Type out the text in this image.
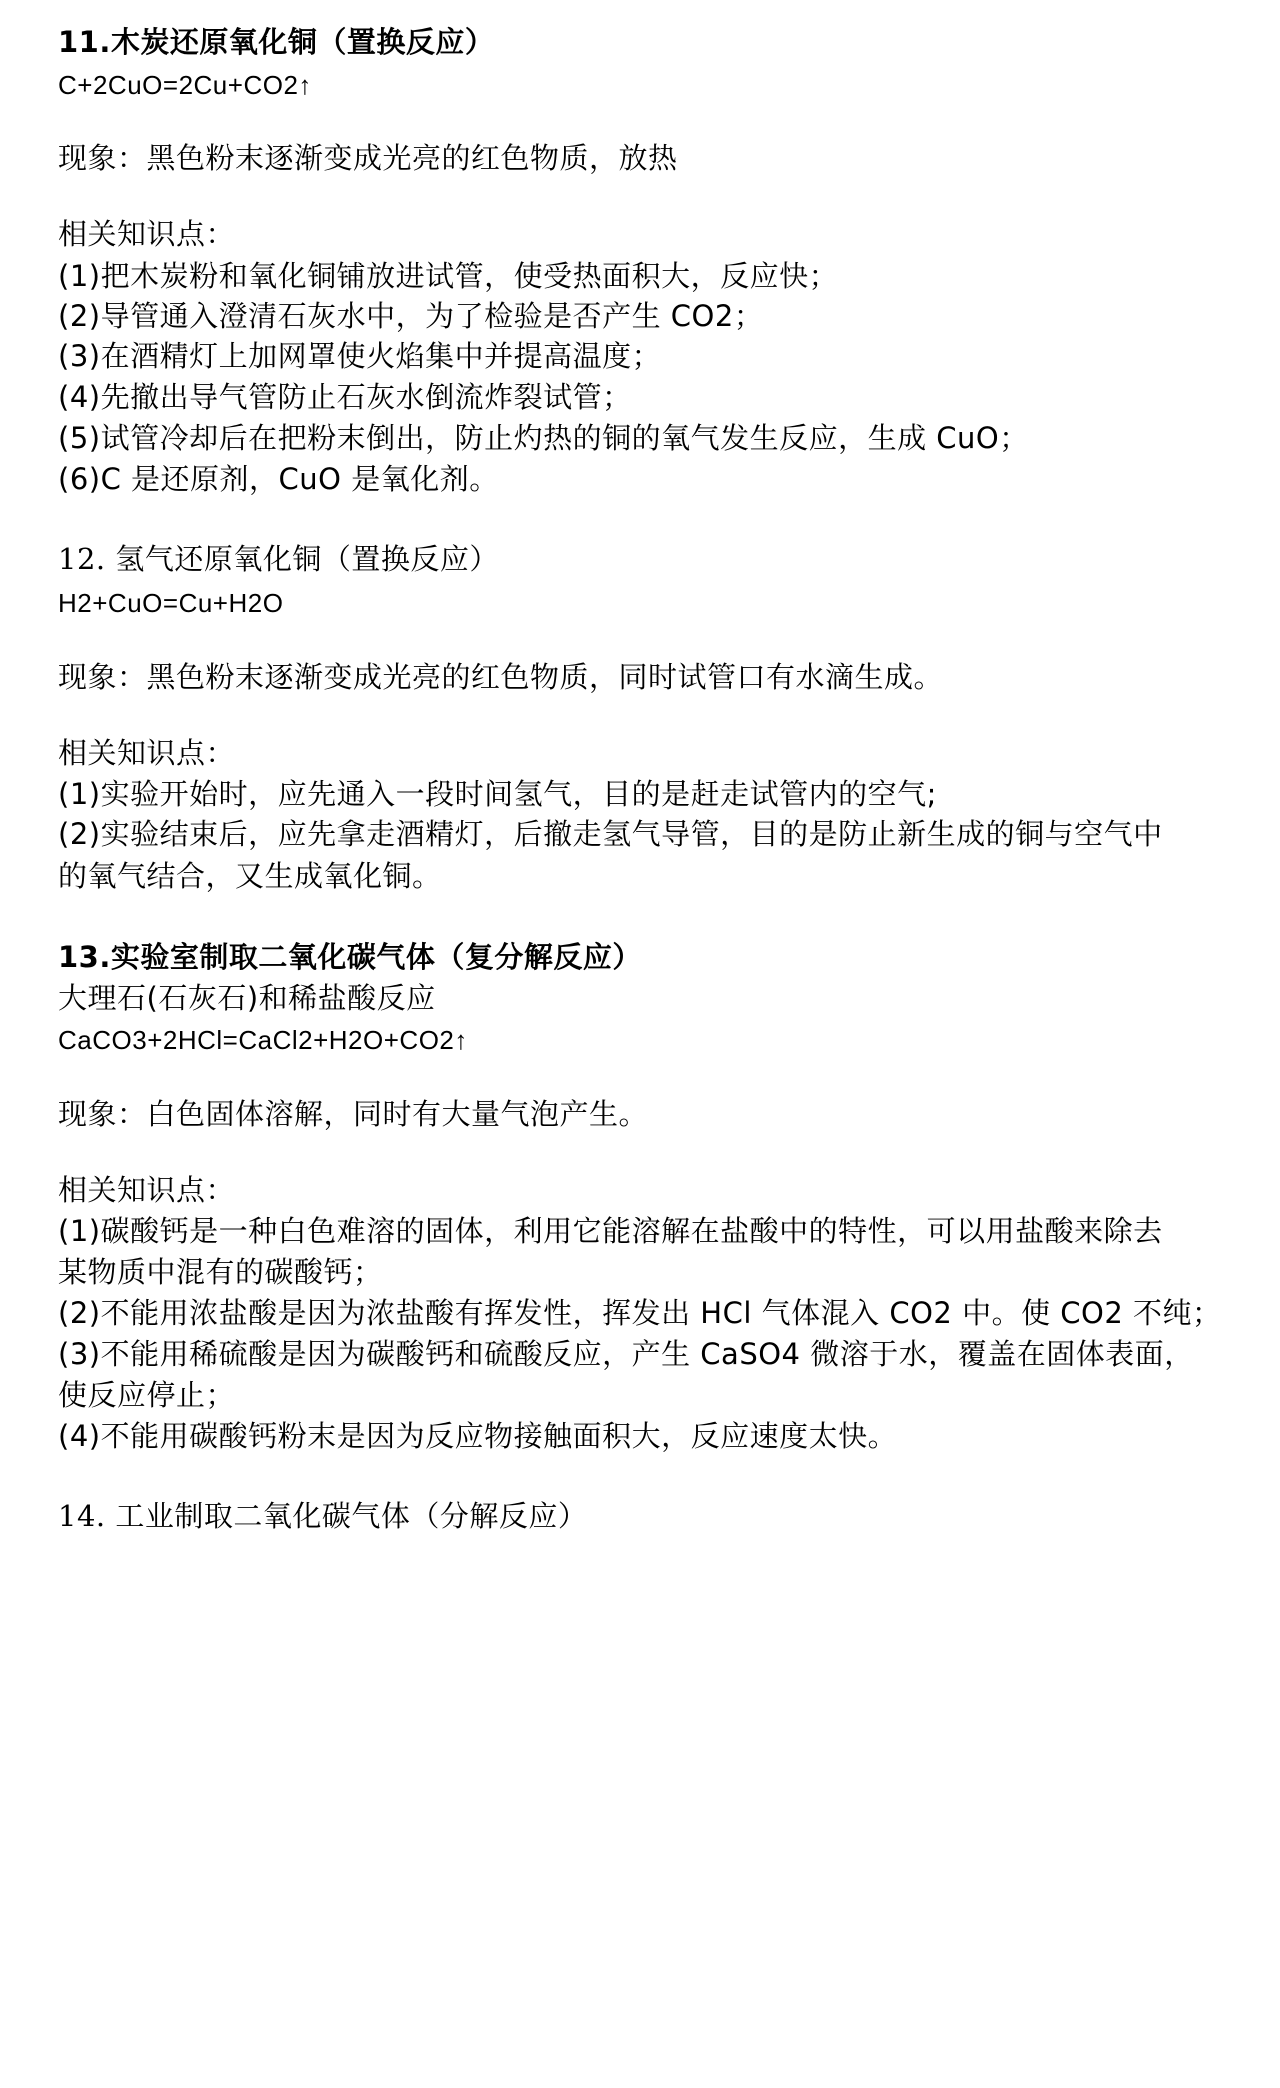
11.木炭还原氧化铜（置换反应）
C+2CuO=2Cu+CO2↑
现象：黑色粉末逐渐变成光亮的红色物质，放热
相关知识点：
(1)把木炭粉和氧化铜铺放进试管，使受热面积大，反应快；
(2)导管通入澄清石灰水中，为了检验是否产生 CO2；
(3)在酒精灯上加网罩使火焰集中并提高温度；
(4)先撤出导气管防止石灰水倒流炸裂试管；
(5)试管冷却后在把粉末倒出，防止灼热的铜的氧气发生反应，生成 CuO；
(6)C 是还原剂，CuO 是氧化剂。
12. 氢气还原氧化铜（置换反应）
H2+CuO=Cu+H2O
现象：黑色粉末逐渐变成光亮的红色物质，同时试管口有水滴生成。
相关知识点：
(1)实验开始时，应先通入一段时间氢气，目的是赶走试管内的空气;
(2)实验结束后，应先拿走酒精灯，后撤走氢气导管，目的是防止新生成的铜与空气中
的氧气结合，又生成氧化铜。
13.实验室制取二氧化碳气体（复分解反应）
大理石(石灰石)和稀盐酸反应
CaCO3+2HCl=CaCl2+H2O+CO2↑
现象：白色固体溶解，同时有大量气泡产生。
相关知识点：
(1)碳酸钙是一种白色难溶的固体，利用它能溶解在盐酸中的特性，可以用盐酸来除去
某物质中混有的碳酸钙；
(2)不能用浓盐酸是因为浓盐酸有挥发性，挥发出 HCl 气体混入 CO2 中。使 CO2 不纯；
(3)不能用稀硫酸是因为碳酸钙和硫酸反应，产生 CaSO4 微溶于水，覆盖在固体表面，
使反应停止；
(4)不能用碳酸钙粉末是因为反应物接触面积大，反应速度太快。
14. 工业制取二氧化碳气体（分解反应）
